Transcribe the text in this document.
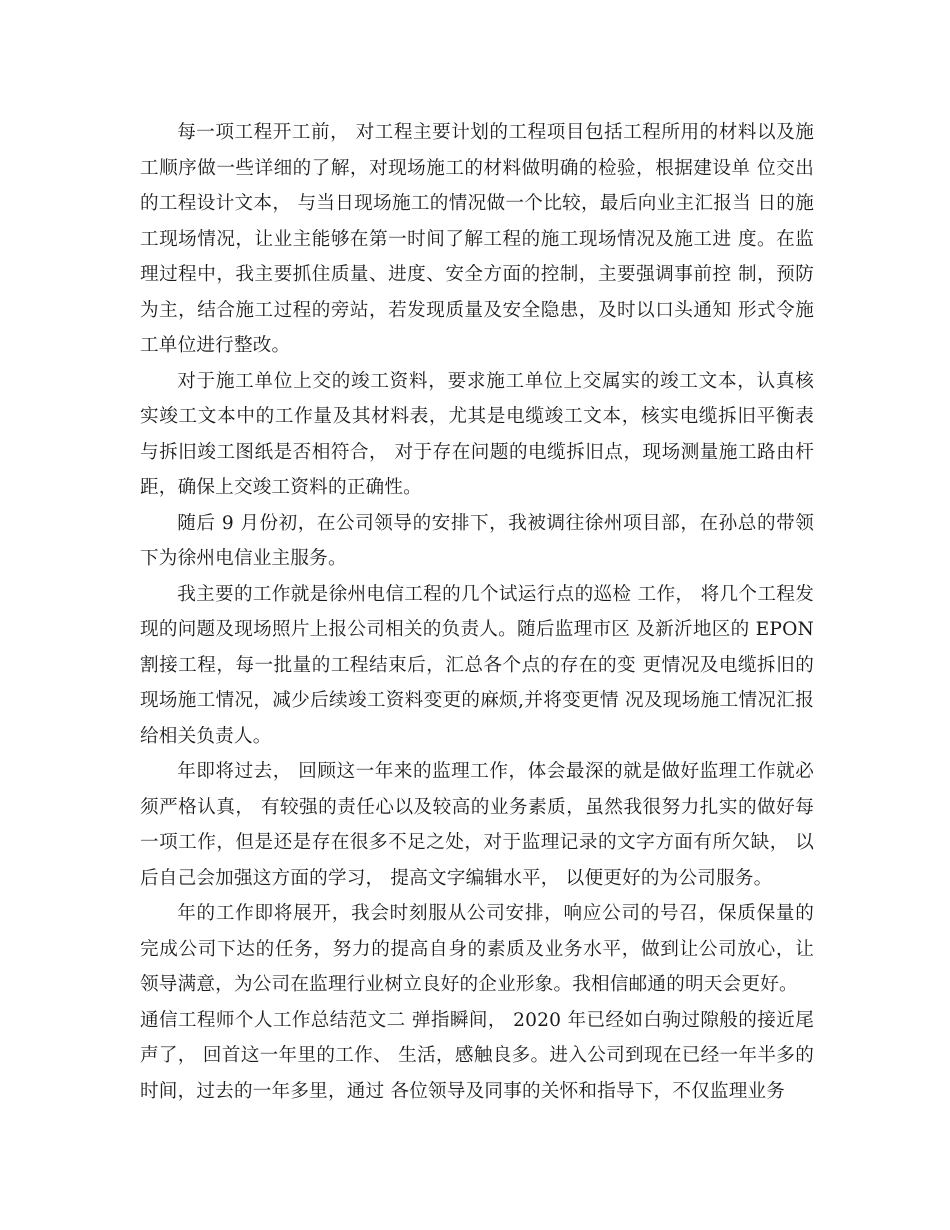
每一项工程开工前， 对工程主要计划的工程项目包括工程所用的材料以及施工顺序做一些详细的了解，对现场施工的材料做明确的检验，根据建设单 位交出的工程设计文本， 与当日现场施工的情况做一个比较，最后向业主汇报当 日的施工现场情况，让业主能够在第一时间了解工程的施工现场情况及施工进 度。在监理过程中，我主要抓住质量、进度、安全方面的控制，主要强调事前控 制，预防为主，结合施工过程的旁站，若发现质量及安全隐患，及时以口头通知 形式令施工单位进行整改。

对于施工单位上交的竣工资料，要求施工单位上交属实的竣工文本，认真核实竣工文本中的工作量及其材料表，尤其是电缆竣工文本，核实电缆拆旧平衡表与拆旧竣工图纸是否相符合， 对于存在问题的电缆拆旧点，现场测量施工路由杆距，确保上交竣工资料的正确性。

随后 9 月份初，在公司领导的安排下，我被调往徐州项目部，在孙总的带领下为徐州电信业主服务。

我主要的工作就是徐州电信工程的几个试运行点的巡检 工作， 将几个工程发现的问题及现场照片上报公司相关的负责人。随后监理市区 及新沂地区的 EPON 割接工程，每一批量的工程结束后，汇总各个点的存在的变 更情况及电缆拆旧的现场施工情况，减少后续竣工资料变更的麻烦,并将变更情 况及现场施工情况汇报给相关负责人。

年即将过去， 回顾这一年来的监理工作，体会最深的就是做好监理工作就必须严格认真， 有较强的责任心以及较高的业务素质，虽然我很努力扎实的做好每一项工作，但是还是存在很多不足之处，对于监理记录的文字方面有所欠缺， 以后自己会加强这方面的学习， 提高文字编辑水平， 以便更好的为公司服务。

年的工作即将展开，我会时刻服从公司安排，响应公司的号召，保质保量的完成公司下达的任务，努力的提高自身的素质及业务水平，做到让公司放心，让领导满意，为公司在监理行业树立良好的企业形象。我相信邮通的明天会更好。

通信工程师个人工作总结范文二 弹指瞬间， 2020 年已经如白驹过隙般的接近尾声了， 回首这一年里的工作、 生活，感触良多。进入公司到现在已经一年半多的时间，过去的一年多里，通过 各位领导及同事的关怀和指导下，不仅监理业务
